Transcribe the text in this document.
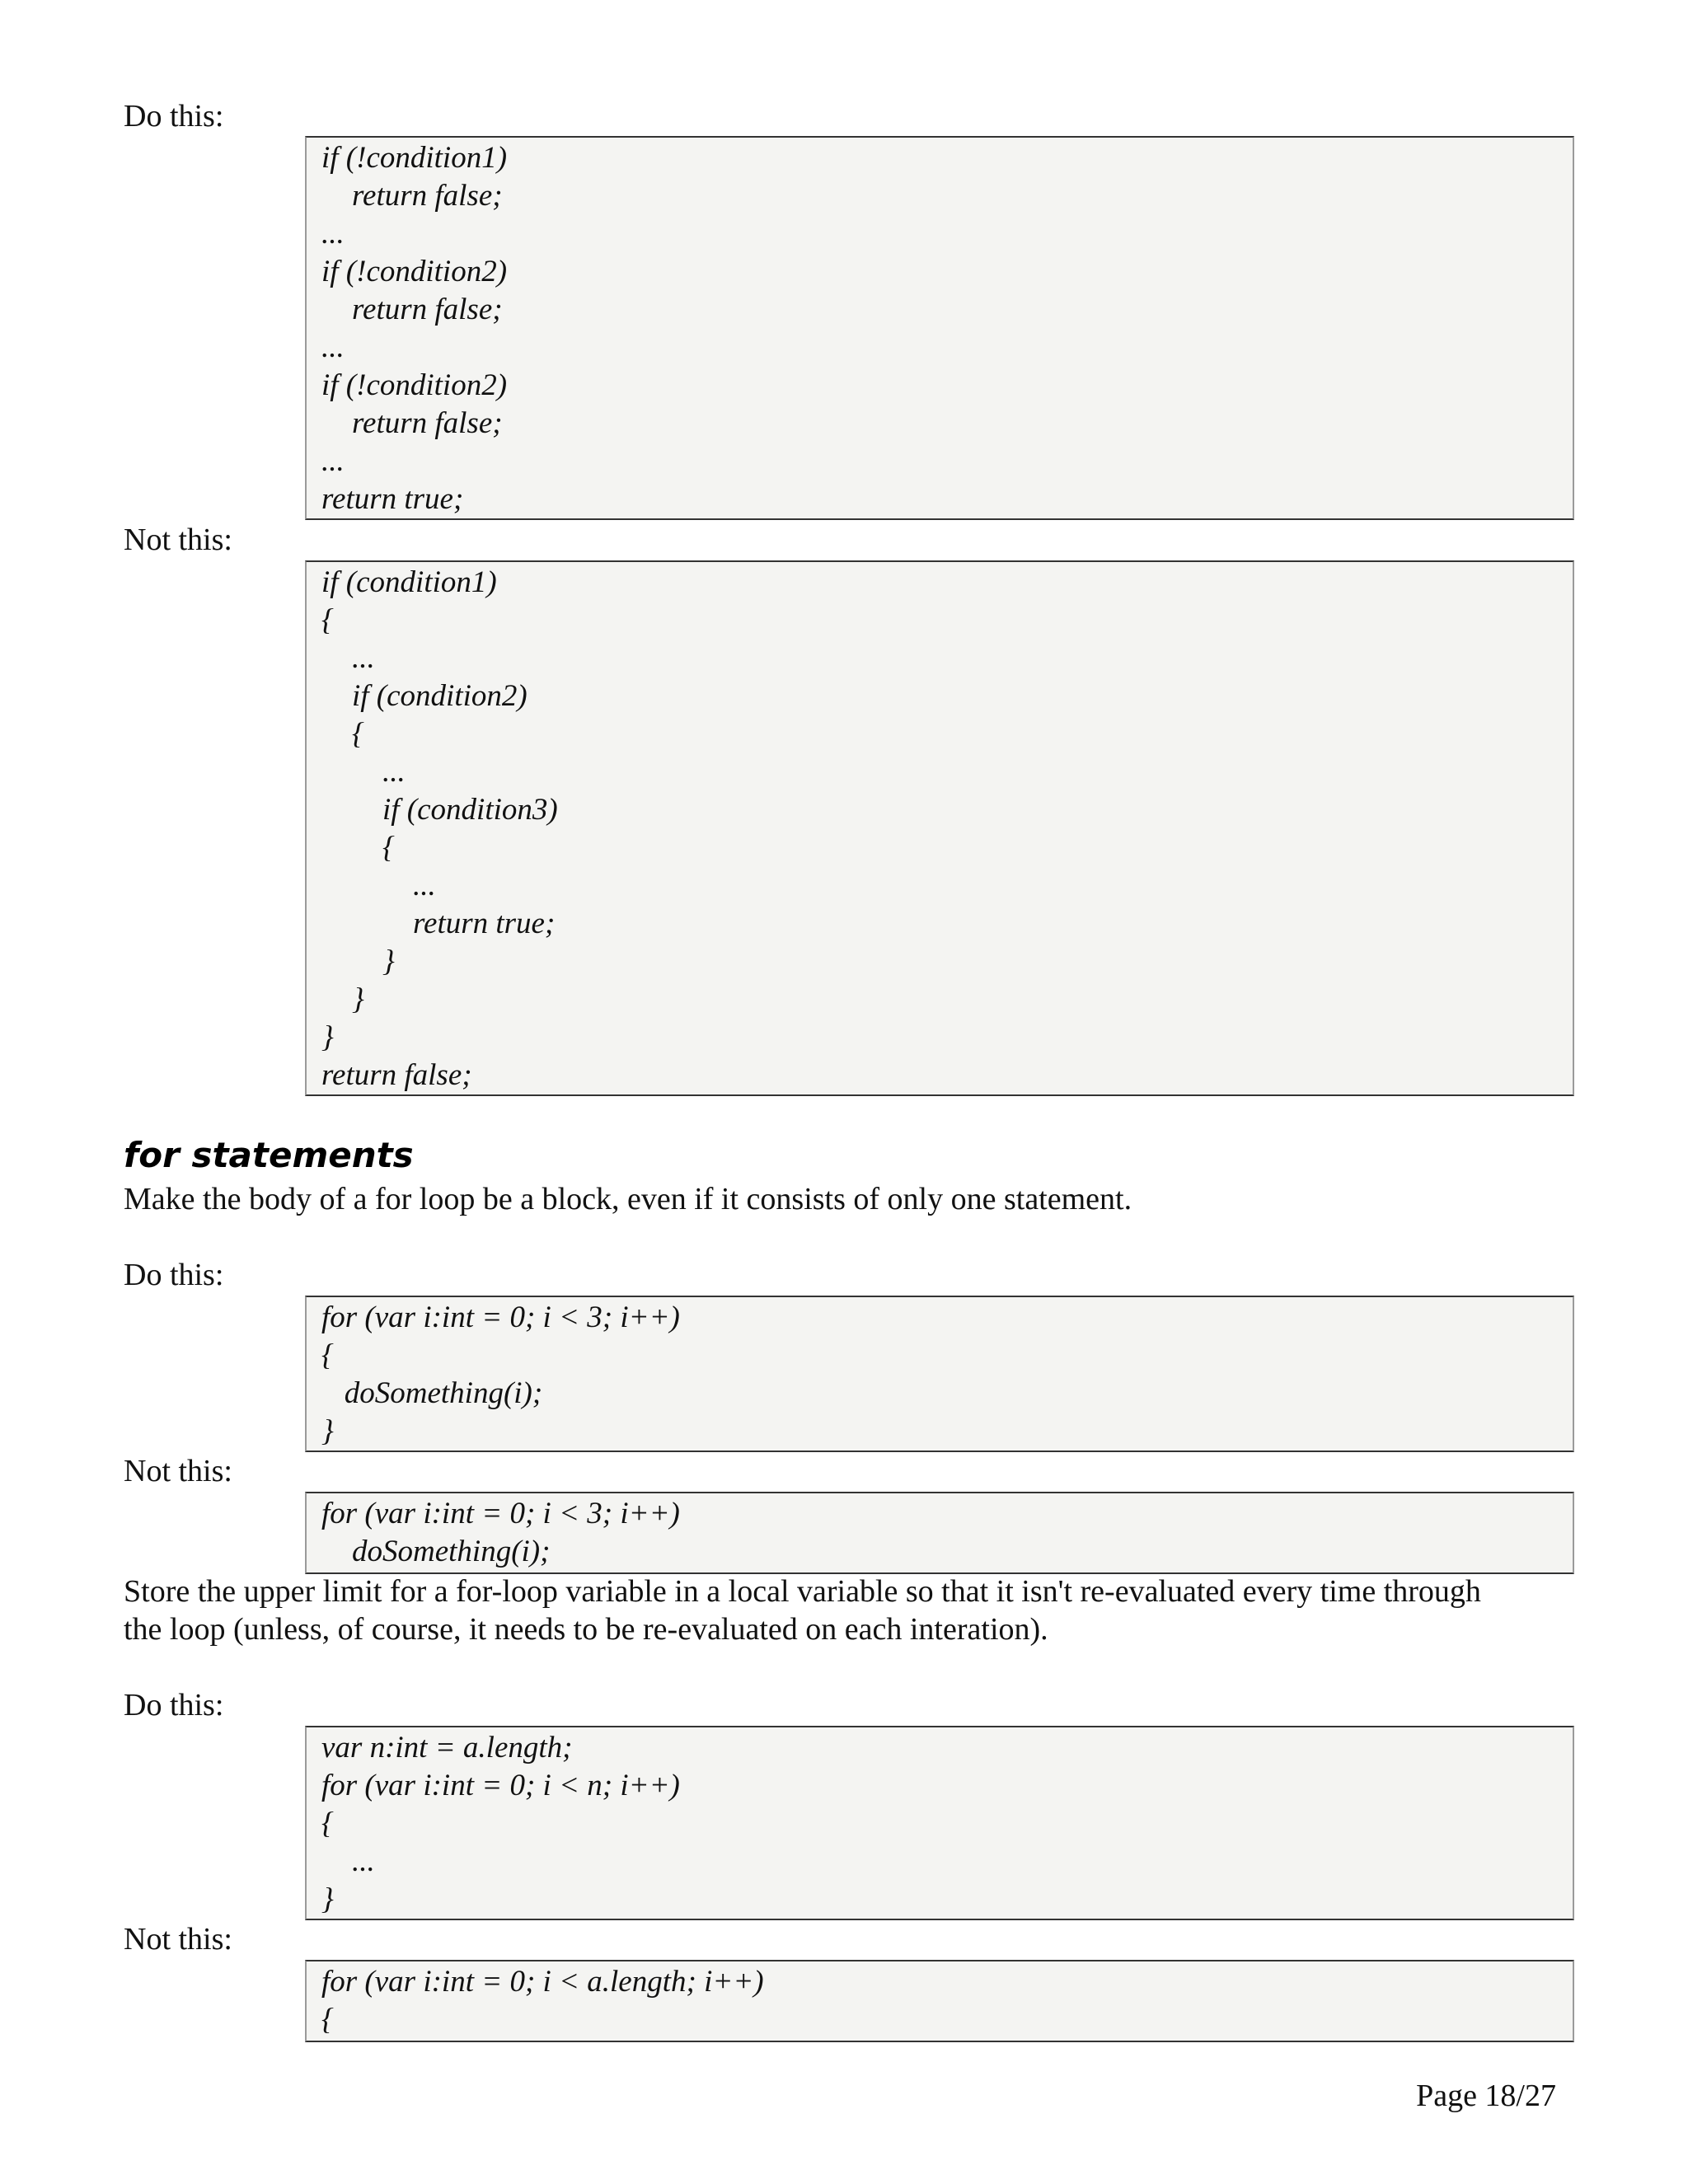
Do this:
if (!condition1)
return false;
...
if (!condition2)
return false;
...
if (!condition2)
return false;
...
return true;
Not this:
if (condition1)
{
...
if (condition2)
{
...
if (condition3)
{
...
return true;
}
}
}
return false;
for statements
Make the body of a for loop be a block, even if it consists of only one statement.
Do this:
for (var i:int = 0; i < 3; i++)
{
doSomething(i);
}
Not this:
for (var i:int = 0; i < 3; i++)
doSomething(i);
Store the upper limit for a for-loop variable in a local variable so that it isn't re-evaluated every time through
the loop (unless, of course, it needs to be re-evaluated on each interation).
Do this:
var n:int = a.length;
for (var i:int = 0; i < n; i++)
{
...
}
Not this:
for (var i:int = 0; i < a.length; i++)
{
Page 18/27
